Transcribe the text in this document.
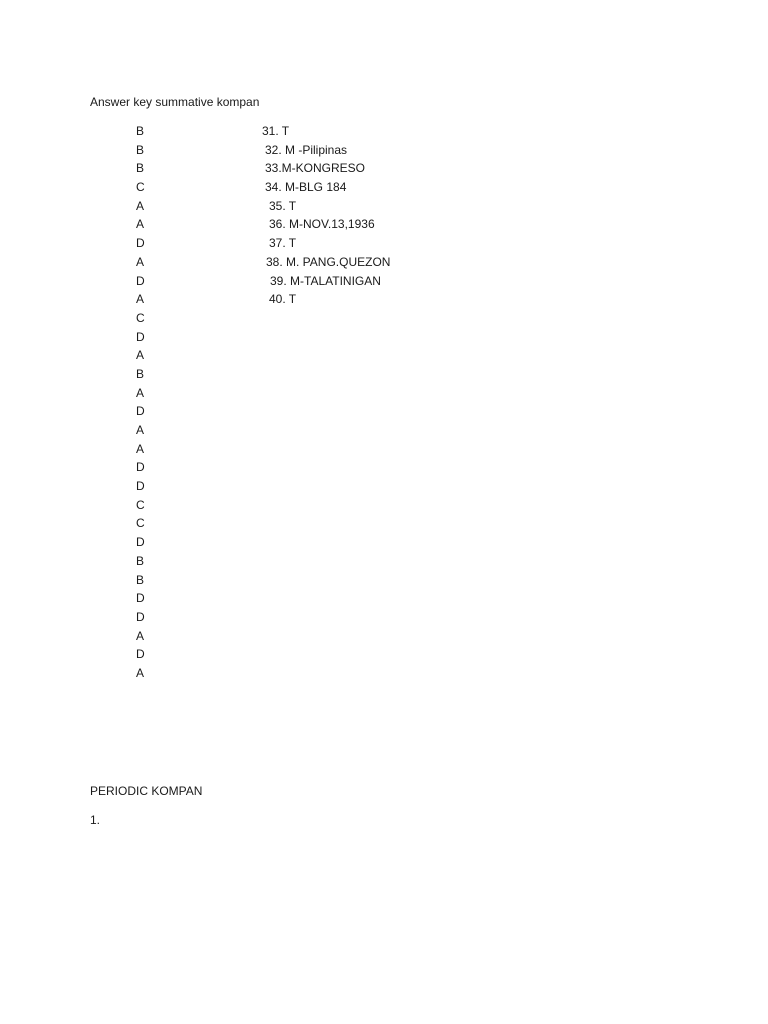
Answer key summative kompan
B
B
B
C
A
A
D
A
D
A
C
D
A
B
A
D
A
A
D
D
C
C
D
B
B
D
D
A
D
A
31. T
32. M -Pilipinas
33.M-KONGRESO
34. M-BLG 184
35. T
36. M-NOV.13,1936
37. T
38. M. PANG.QUEZON
39. M-TALATINIGAN
40. T
PERIODIC KOMPAN
1.
